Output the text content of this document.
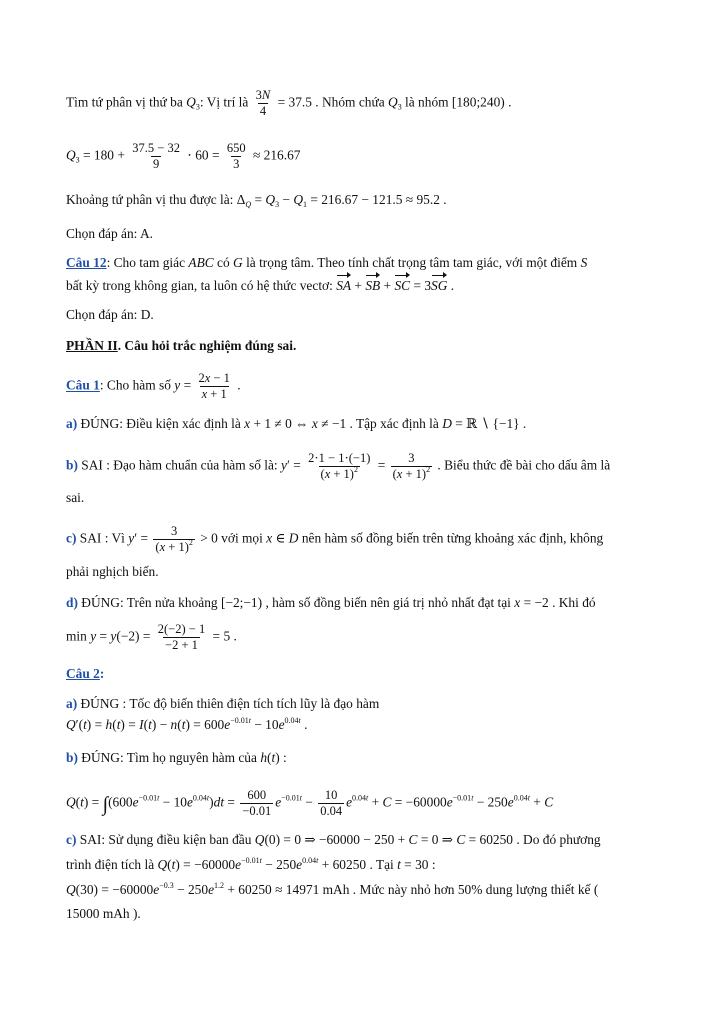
Tìm tứ phân vị thứ ba $Q_3$: Vị trí là $\frac{3N}{4} = 37.5$ . Nhóm chứa $Q_3$ là nhóm [180;240) .
$Q_3 = 180 + \frac{37.5 - 32}{9} \cdot 60 = \frac{650}{3} \approx 216.67$
Khoảng tứ phân vị thu được là: $\Delta_Q = Q_3 - Q_1 = 216.67 - 121.5 \approx 95.2$ .
Chọn đáp án: A.
Câu 12: Cho tam giác ABC có G là trọng tâm. Theo tính chất trọng tâm tam giác, với một điểm S
bất kỳ trong không gian, ta luôn có hệ thức vectơ: SA + SB + SC = 3SG .
Chọn đáp án: D.
PHẦN II. Câu hỏi trắc nghiệm đúng sai.
Câu 1: Cho hàm số $y = \frac{2x - 1}{x + 1}$ .
a) ĐÚNG: Điều kiện xác định là x + 1 ≠ 0 ⇔ x ≠ −1 . Tập xác định là D = ℝ ∖ {−1} .
b) SAI : Đạo hàm chuẩn của hàm số là: $y' = \frac{2\cdot 1 - 1\cdot(-1)}{(x + 1)^2} = \frac{3}{(x + 1)^2}$ . Biểu thức đề bài cho dấu âm là
sai.
c) SAI : Vì $y' = \frac{3}{(x + 1)^2} > 0$ với mọi x ∈ D nên hàm số đồng biến trên từng khoảng xác định, không
phải nghịch biến.
d) ĐÚNG: Trên nửa khoảng [−2;−1) , hàm số đồng biến nên giá trị nhỏ nhất đạt tại x = −2 . Khi đó
$\min y = y(-2) = \frac{2(-2) - 1}{-2 + 1} = 5$ .
Câu 2:
a) ĐÚNG : Tốc độ biến thiên điện tích tích lũy là đạo hàm
$Q'(t) = h(t) = I(t) - n(t) = 600e^{-0.01t} - 10e^{0.04t}$ .
b) ĐÚNG: Tìm họ nguyên hàm của h(t) :
$Q(t) = \int(600e^{-0.01t} - 10e^{0.04t})dt = \frac{600}{-0.01} e^{-0.01t} - \frac{10}{0.04} e^{0.04t} + C = -60000e^{-0.01t} - 250e^{0.04t} + C$
c) SAI: Sử dụng điều kiện ban đầu Q(0) = 0 ⇒ −60000 − 250 + C = 0 ⇒ C = 60250 . Do đó phương
trình điện tích là $Q(t) = -60000e^{-0.01t} - 250e^{0.04t} + 60250$ . Tại t = 30 :
$Q(30) = -60000e^{-0.3} - 250e^{1.2} + 60250 \approx 14971$ mAh . Mức này nhỏ hơn 50% dung lượng thiết kế (
15000 mAh ).
